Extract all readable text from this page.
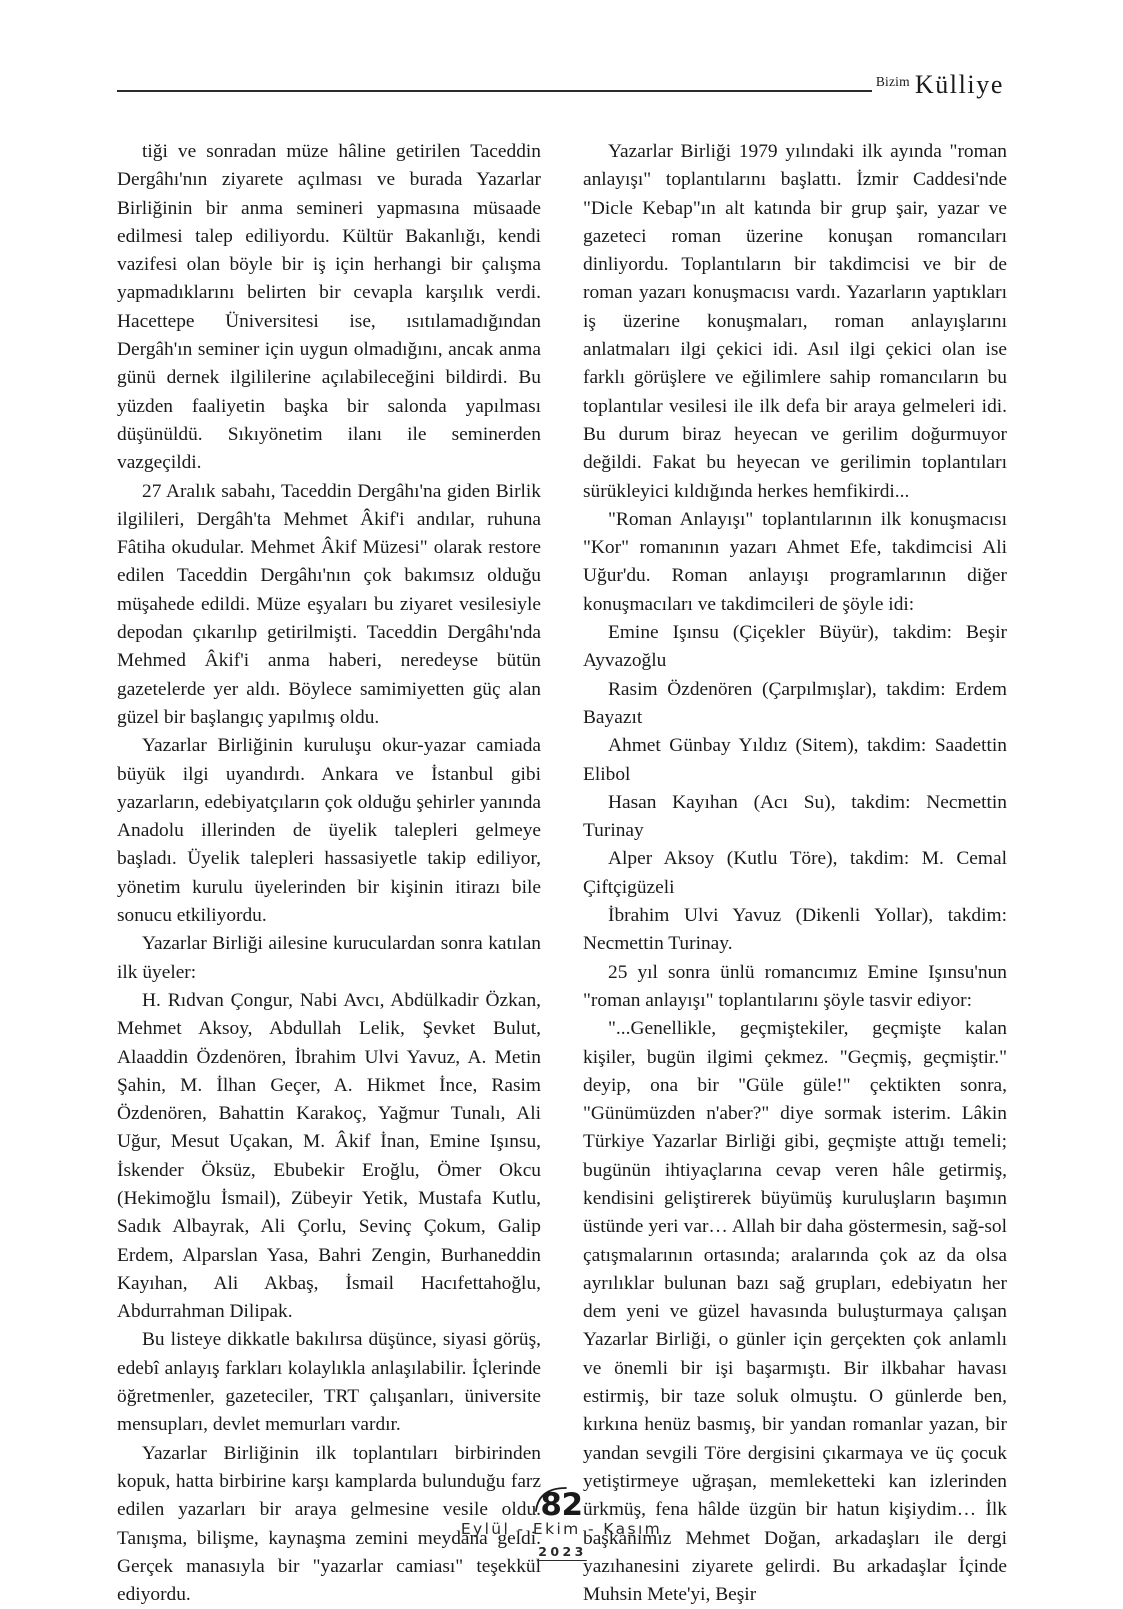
Bizim Külliye

tiği ve sonradan müze hâline getirilen Taceddin Dergâhı'nın ziyarete açılması ve burada Yazarlar Birliğinin bir anma semineri yapmasına müsaade edilmesi talep ediliyordu. Kültür Bakanlığı, kendi vazifesi olan böyle bir iş için herhangi bir çalışma yapmadıklarını belirten bir cevapla karşılık verdi. Hacettepe Üniversitesi ise, ısıtılamadığından Dergâh'ın seminer için uygun olmadığını, ancak anma günü dernek ilgililerine açılabileceğini bildirdi. Bu yüzden faaliyetin başka bir salonda yapılması düşünüldü. Sıkıyönetim ilanı ile seminerden vazgeçildi.

27 Aralık sabahı, Taceddin Dergâhı'na giden Birlik ilgilileri, Dergâh'ta Mehmet Âkif'i andılar, ruhuna Fâtiha okudular. Mehmet Âkif Müzesi" olarak restore edilen Taceddin Dergâhı'nın çok bakımsız olduğu müşahede edildi. Müze eşyaları bu ziyaret vesilesiyle depodan çıkarılıp getirilmişti. Taceddin Dergâhı'nda Mehmed Âkif'i anma haberi, neredeyse bütün gazetelerde yer aldı. Böylece samimiyetten güç alan güzel bir başlangıç yapılmış oldu.

Yazarlar Birliğinin kuruluşu okur-yazar camiada büyük ilgi uyandırdı. Ankara ve İstanbul gibi yazarların, edebiyatçıların çok olduğu şehirler yanında Anadolu illerinden de üyelik talepleri gelmeye başladı. Üyelik talepleri hassasiyetle takip ediliyor, yönetim kurulu üyelerinden bir kişinin itirazı bile sonucu etkiliyordu.

Yazarlar Birliği ailesine kuruculardan sonra katılan ilk üyeler:

H. Rıdvan Çongur, Nabi Avcı, Abdülkadir Özkan, Mehmet Aksoy, Abdullah Lelik, Şevket Bulut, Alaaddin Özdenören, İbrahim Ulvi Yavuz, A. Metin Şahin, M. İlhan Geçer, A. Hikmet İnce, Rasim Özdenören, Bahattin Karakoç, Yağmur Tunalı, Ali Uğur, Mesut Uçakan, M. Âkif İnan, Emine Işınsu, İskender Öksüz, Ebubekir Eroğlu, Ömer Okcu (Hekimoğlu İsmail), Zübeyir Yetik, Mustafa Kutlu, Sadık Albayrak, Ali Çorlu, Sevinç Çokum, Galip Erdem, Alparslan Yasa, Bahri Zengin, Burhaneddin Kayıhan, Ali Akbaş, İsmail Hacıfettahoğlu, Abdurrahman Dilipak.

Bu listeye dikkatle bakılırsa düşünce, siyasi görüş, edebî anlayış farkları kolaylıkla anlaşılabilir. İçlerinde öğretmenler, gazeteciler, TRT çalışanları, üniversite mensupları, devlet memurları vardır.

Yazarlar Birliğinin ilk toplantıları birbirinden kopuk, hatta birbirine karşı kamplarda bulunduğu farz edilen yazarları bir araya gelmesine vesile oldu. Tanışma, bilişme, kaynaşma zemini meydana geldi. Gerçek manasıyla bir "yazarlar camiası" teşekkül ediyordu.

Yazarlar Birliği 1979 yılındaki ilk ayında "roman anlayışı" toplantılarını başlattı. İzmir Caddesi'nde "Dicle Kebap"ın alt katında bir grup şair, yazar ve gazeteci roman üzerine konuşan romancıları dinliyordu. Toplantıların bir takdimcisi ve bir de roman yazarı konuşmacısı vardı. Yazarların yaptıkları iş üzerine konuşmaları, roman anlayışlarını anlatmaları ilgi çekici idi. Asıl ilgi çekici olan ise farklı görüşlere ve eğilimlere sahip romancıların bu toplantılar vesilesi ile ilk defa bir araya gelmeleri idi. Bu durum biraz heyecan ve gerilim doğurmuyor değildi. Fakat bu heyecan ve gerilimin toplantıları sürükleyici kıldığında herkes hemfikirdi...

"Roman Anlayışı" toplantılarının ilk konuşmacısı "Kor" romanının yazarı Ahmet Efe, takdimcisi Ali Uğur'du. Roman anlayışı programlarının diğer konuşmacıları ve takdimcileri de şöyle idi:

Emine Işınsu (Çiçekler Büyür), takdim: Beşir Ayvazoğlu

Rasim Özdenören (Çarpılmışlar), takdim: Erdem Bayazıt

Ahmet Günbay Yıldız (Sitem), takdim: Saadettin Elibol

Hasan Kayıhan (Acı Su), takdim: Necmettin Turinay

Alper Aksoy (Kutlu Töre), takdim: M. Cemal Çiftçigüzeli

İbrahim Ulvi Yavuz (Dikenli Yollar), takdim: Necmettin Turinay.

25 yıl sonra ünlü romancımız Emine Işınsu'nun "roman anlayışı" toplantılarını şöyle tasvir ediyor:

"...Genellikle, geçmiştekiler, geçmişte kalan kişiler, bugün ilgimi çekmez. "Geçmiş, geçmiştir." deyip, ona bir "Güle güle!" çektikten sonra, "Günümüzden n'aber?" diye sormak isterim. Lâkin Türkiye Yazarlar Birliği gibi, geçmişte attığı temeli; bugünün ihtiyaçlarına cevap veren hâle getirmiş, kendisini geliştirerek büyümüş kuruluşların başımın üstünde yeri var… Allah bir daha göstermesin, sağ-sol çatışmalarının ortasında; aralarında çok az da olsa ayrılıklar bulunan bazı sağ grupları, edebiyatın her dem yeni ve güzel havasında buluşturmaya çalışan Yazarlar Birliği, o günler için gerçekten çok anlamlı ve önemli bir işi başarmıştı. Bir ilkbahar havası estirmiş, bir taze soluk olmuştu. O günlerde ben, kırkına henüz basmış, bir yandan romanlar yazan, bir yandan sevgili Töre dergisini çıkarmaya ve üç çocuk yetiştirmeye uğraşan, memleketteki kan izlerinden ürkmüş, fena hâlde üzgün bir hatun kişiydim… İlk başkanımız Mehmet Doğan, arkadaşları ile dergi yazıhanesini ziyarete gelirdi. Bu arkadaşlar İçinde Muhsin Mete'yi, Beşir

82
Eylül - Ekim - Kasım
2023
